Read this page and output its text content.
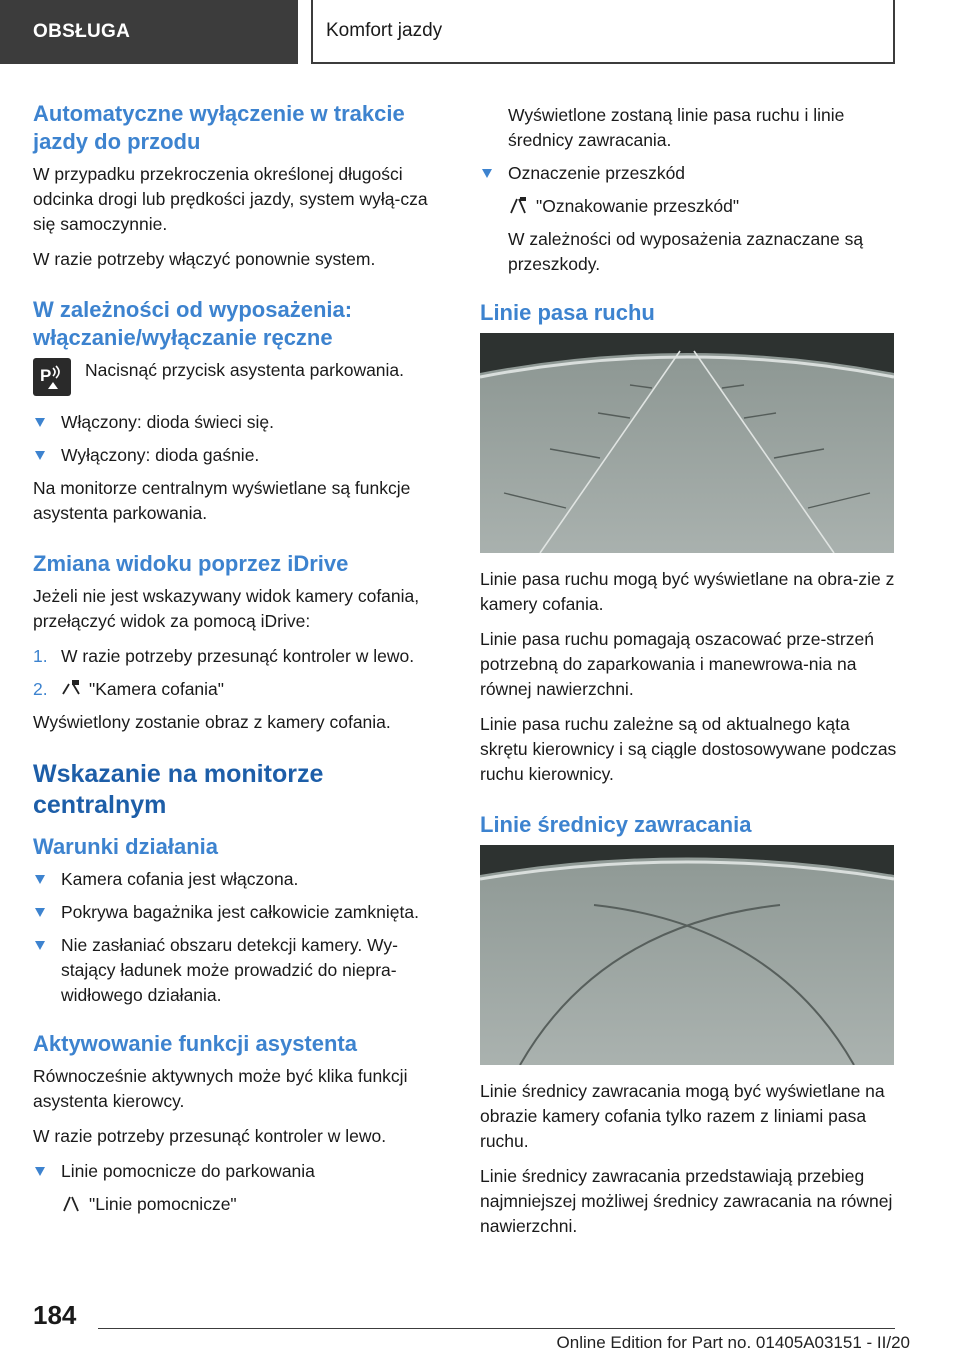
OBSŁUGA	Komfort jazdy
Automatyczne wyłączenie w trakcie jazdy do przodu

W przypadku przekroczenia określonej długości odcinka drogi lub prędkości jazdy, system wyłą-cza się samoczynnie.

W razie potrzeby włączyć ponownie system.

W zależności od wyposażenia: włączanie/wyłączanie ręczne
P Nacisnąć przycisk asystenta parkowania.
Włączony: dioda świeci się.
Wyłączony: dioda gaśnie.

Na monitorze centralnym wyświetlane są funkcje asystenta parkowania.

Zmiana widoku poprzez iDrive

Jeżeli nie jest wskazywany widok kamery cofania, przełączyć widok za pomocą iDrive:

1. W razie potrzeby przesunąć kontroler w lewo.
2. "Kamera cofania"

Wyświetlony zostanie obraz z kamery cofania.

Wskazanie na monitorze centralnym
Warunki działania
Kamera cofania jest włączona.
Pokrywa bagażnika jest całkowicie zamknięta.
Nie zasłaniać obszaru detekcji kamery. Wy-stający ładunek może prowadzić do niepra-widłowego działania.
Aktywowanie funkcji asystenta

Równocześnie aktywnych może być klika funkcji asystenta kierowcy.

W razie potrzeby przesunąć kontroler w lewo.

Linie pomocnicze do parkowania
"Linie pomocnicze"
Wyświetlone zostaną linie pasa ruchu i linie średnicy zawracania.
Oznaczenie przeszkód
"Oznakowanie przeszkód"
W zależności od wyposażenia zaznaczane są przeszkody.
Linie pasa ruchu

Linie pasa ruchu mogą być wyświetlane na obra-zie z kamery cofania.

Linie pasa ruchu pomagają oszacować prze-strzeń potrzebną do zaparkowania i manewrowa-nia na równej nawierzchni.

Linie pasa ruchu zależne są od aktualnego kąta skrętu kierownicy i są ciągle dostosowywane podczas ruchu kierownicy.

Linie średnicy zawracania

Linie średnicy zawracania mogą być wyświetlane na obrazie kamery cofania tylko razem z liniami pasa ruchu.

Linie średnicy zawracania przedstawiają przebieg najmniejszej możliwej średnicy zawracania na równej nawierzchni.

184
Online Edition for Part no. 01405A03151 - II/20
